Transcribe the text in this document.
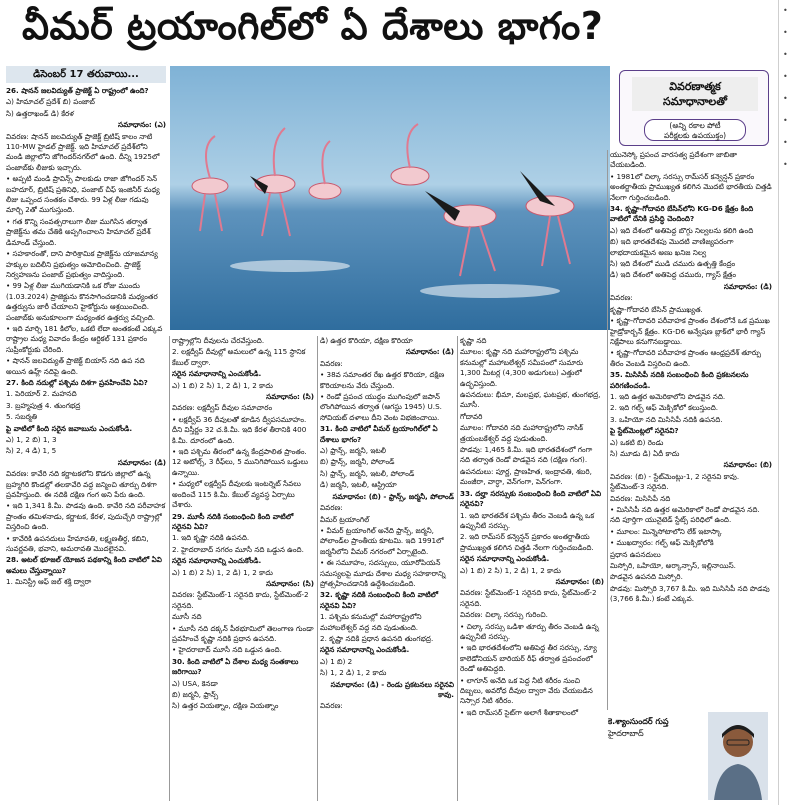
వీమర్ ట్రయాంగిల్‌లో ఏ దేశాలు భాగం?
డిసెంబర్ 17 తరువాయి...
వివరణాత్మక
సమాధానాలతో
(అన్ని రకాల పోటీ
పరీక్షలకు ఉపయుక్తం)

26. షానన్ జలవిద్యుత్ ప్రాజెక్ట్ ఏ రాష్ట్రంలో ఉంది?

ఎ) హిమాచల్ ప్రదేశ్ బి) పంజాబ్

సి) ఉత్తరాఖండ్ డి) కేరళ

సమాధానం: (ఎ)

వివరణ: షానన్ జలవిద్యుత్ ప్రాజెక్ట్ బ్రిటిష్ కాలం నాటి 110-MW హైడల్ ప్రాజెక్ట్. ఇది హిమాచల్ ప్రదేశ్‌లోని మండి జిల్లాలోని జోగిందర్‌నగర్‌లో ఉంది. దీన్ని 1925లో పంజాబ్‌కు లీజుకు ఇచ్చారు.

• అప్పటి మండి ప్రావిన్స్ పాలకుడు రాజా జోగిందర్ సెన్ బహదూర్, బ్రిటిష్ ప్రతినిధి, పంజాబ్ చీఫ్ ఇంజినీర్ మధ్య లీజు ఒప్పంద సంతకం చేశారు. 99 ఏళ్ల లీజు గడువు మార్చి 2తో ముగుస్తుంది.

• గత కొన్ని సంవత్సరాలుగా లీజు ముగిసిన తర్వాత ప్రాజెక్ట్‌ను తమ చేతికి అప్పగించాలని హిమాచల్ ప్రదేశ్ డిమాండ్ చేస్తుంది.

• సహకారంతో, దాని పారిశ్రామిక ప్రాజెక్ట్‌ను యాజమాన్య హక్కుల బదిలీని ప్రభుత్వం ఆమోదించింది. ప్రాజెక్ట్ నిర్వహణను పంజాబ్ ప్రభుత్వం వాదిస్తుంది.

• 99 ఏళ్ల లీజు ముగియడానికి ఒక రోజు ముందు (1.03.2024) ప్రాజెక్టును కొనసాగించడానికి మధ్యంతర ఉత్తర్వును జారీ చేయాలని హైకోర్టును ఆశ్రయించింది. పంజాబ్‌కు అనుకూలంగా మధ్యంతర ఉత్తర్వు వచ్చింది.

• ఇది మార్చి 181 కిలోల, ఒకటి లేదా అంతకంటే ఎక్కువ రాష్ట్రాల మధ్య వివాదం కేంద్రం ఆర్టికల్ 131 ప్రకారం సుప్రీంకోర్టుకు చేరింది.

• షానన్ జలవిద్యుత్ ప్రాజెక్ట్ బియాస్ నది ఉప నది అయిన ఉహ్ల్ నదిపై ఉంది.

27. కింది నదుల్లో పశ్చిమ దిశగా ప్రవహించేవి ఏవి?

1. పెరియార్ 2. మహనది

3. బ్రహ్మపుత్ర 4. తుంగభద్ర

5. సబర్మతి

పై వాటిలో కింది సరైన జవాబును ఎంచుకోండి.

ఎ) 1, 2 బి) 1, 3

సి) 2, 4 డి) 1, 5

సమాధానం: (డి)

వివరణ: కావేరి నది కర్ణాటకలోని కొడగు జిల్లాలో ఉన్న బ్రహ్మగిరి కొండల్లో తలకావేరి వద్ద జన్మించి తూర్పు దిశగా ప్రవహిస్తుంది. ఈ నదికి దక్షిణ గంగ అని పేరు ఉంది.

• ఇది 1,341 కి.మీ. పొడవు ఉంది. కావేరి నది పరీవాహక ప్రాంతం తమిళనాడు, కర్ణాటక, కేరళ, పుదుచ్చేరి రాష్ట్రాల్లో విస్తరించి ఉంది.

• కావేరికి ఉపనదులు హేమావతి, లక్ష్మణతీర్థ, కబిని, సువర్ణవతి, భవాని, అమరావతి మొదలైనవి.

28. అటల్ భూజల్ యోజన పథకాన్ని కింది వాటిలో ఏవి అమలు చేస్తున్నాయి?

1. మినిస్ట్రీ ఆఫ్ జల్ శక్తి ద్వారా

రాష్ట్రాల్లోని దీవులను చేరవేస్తుంది.

2. లక్షద్వీప్ దీవుల్లో అమలులో ఉన్న 115 స్థానిక కేబుల్ ద్వారా.

సరైన సమాధానాన్ని ఎంచుకోండి.

ఎ) 1 బి) 2 సి) 1, 2 డి) 1, 2 కాదు

సమాధానం: (సి)

వివరణ: లక్షద్వీప్ దీవుల సమాచారం

• లక్షద్వీప్ 36 దీవులతో కూడిన ద్వీపసమూహం. దీని విస్తీర్ణం 32 చ.కి.మీ. ఇది కేరళ తీరానికి 400 కి.మీ. దూరంలో ఉంది.

• ఇది పశ్చిమ తీరంలో ఉన్న కేంద్రపాలిత ప్రాంతం. 12 అటోల్స్, 3 రీఫ్‌లు, 5 మునిగిపోయిన ఒడ్డులు ఉన్నాయి.

• మధ్యలో లక్షద్వీప్ దీవులకు ఇంటర్నెట్ సేవలు అందించే 115 కి.మీ. కేబుల్ వ్యవస్థ ఏర్పాటు చేశారు.

29. మూసీ నదికి సంబంధించి కింది వాటిలో సరైనవి ఏవి?

1. ఇది కృష్ణా నదికి ఉపనది.

2. హైదరాబాద్ నగరం మూసీ నది ఒడ్డున ఉంది.

సరైన సమాధానాన్ని ఎంచుకోండి.

ఎ) 1 బి) 2 సి) 1, 2 డి) 1, 2 కాదు

సమాధానం: (సి)

వివరణ: స్టేట్‌మెంట్-1 సరైనది కాదు, స్టేట్‌మెంట్-2 సరైనది.

మూసీ నది

• మూసీ నది దక్కన్ పీఠభూమిలో తెలంగాణ గుండా ప్రవహించే కృష్ణా నదికి ప్రధాన ఉపనది.

• హైదరాబాద్ మూసీ నది ఒడ్డున ఉంది.

30. కింది వాటిలో ఏ దేశాల మధ్య సంతకాలు జరిగాయి?

ఎ) USA, కెనడా

బి) జర్మనీ, ఫ్రాన్స్

సి) ఉత్తర వియత్నాం, దక్షిణ వియత్నాం

డి) ఉత్తర కొరియా, దక్షిణ కొరియా

సమాధానం: (డి)

వివరణ:

• 38వ సమాంతర రేఖ ఉత్తర కొరియా, దక్షిణ కొరియాలను వేరు చేస్తుంది.

• రెండో ప్రపంచ యుద్ధం ముగింపులో జపాన్ లొంగిపోయిన తర్వాత (ఆగస్టు 1945) U.S. సోవియట్ దళాలు దీని వెంట విభజించాయి.

31. కింది వాటిలో వీమర్ ట్రయాంగిల్‌లో ఏ దేశాలు భాగం?

ఎ) ఫ్రాన్స్, జర్మనీ, ఇటలీ

బి) ఫ్రాన్స్, జర్మనీ, పోలాండ్

సి) ఫ్రాన్స్, జర్మనీ, ఇటలీ, పోలాండ్

డి) జర్మనీ, ఇటలీ, ఆస్ట్రియా

సమాధానం: (బి) - ఫ్రాన్స్, జర్మనీ, పోలాండ్

వివరణ:

వీమర్ ట్రయాంగిల్

• వీమర్ ట్రయాంగిల్ అనేది ఫ్రాన్స్, జర్మనీ, పోలాండ్‌ల ప్రాంతీయ కూటమి. ఇది 1991లో జర్మనీలోని వీమర్ నగరంలో ఏర్పాటైంది.

• ఈ సమూహం, సదస్సులు, యూరోపియన్ సమస్యలపై మూడు దేశాల మధ్య సహకారాన్ని ప్రోత్సహించడానికి ఉద్దేశించబడింది.

32. కృష్ణా నదికి సంబంధించి కింది వాటిలో సరైనవి ఏవి?

1. పశ్చిమ కనుమల్లో మహారాష్ట్రలోని మహాబలేశ్వర్ వద్ద నది పుడుతుంది.

2. కృష్ణా నదికి ప్రధాన ఉపనది తుంగభద్ర.

సరైన సమాధానాన్ని ఎంచుకోండి.

ఎ) 1 బి) 2

సి) 1, 2 డి) 1, 2 కాదు

సమాధానం: (డి) - రెండు ప్రకటనలు సరైనవి కావు.

వివరణ:

కృష్ణా నది

మూలం: కృష్ణా నది మహారాష్ట్రలోని పశ్చిమ కనుమల్లో మహాబలేశ్వర్ సమీపంలో సుమారు 1,300 మీటర్ల (4,300 అడుగులు) ఎత్తులో ఉద్భవిస్తుంది.

ఉపనదులు: భీమా, మలప్రభ, ఘటప్రభ, తుంగభద్ర, మూసీ.

గోదావరి

మూలం: గోదావరి నది మహారాష్ట్రలోని నాసిక్ త్రయంబకేశ్వర్ వద్ద పుడుతుంది.

పొడవు: 1,465 కి.మీ. ఇది భారతదేశంలో గంగా నది తర్వాత రెండో పొడవైన నది (దక్షిణ గంగ).

ఉపనదులు: పూర్ణ, ప్రాణహిత, ఇంద్రావతి, శబరి, మంజీరా, వార్ధా, వెన్‌గంగా, పెన్‌గంగా.

33. దల్హా సరస్సుకు సంబంధించి కింది వాటిలో ఏవి సరైనవి?

1. ఇది భారతదేశ పశ్చిమ తీరం వెంబడి ఉన్న ఒక ఉప్పునీటి సరస్సు.

2. ఇది రామ్‌సర్ కన్వెన్షన్ ప్రకారం అంతర్జాతీయ ప్రాముఖ్యత కలిగిన చిత్తడి నేలగా గుర్తించబడింది.

సరైన సమాధానాన్ని ఎంచుకోండి.

ఎ) 1 బి) 2 సి) 1, 2 డి) 1, 2 కాదు

సమాధానం: (బి)

వివరణ: స్టేట్‌మెంట్-1 సరైనది కాదు, స్టేట్‌మెంట్-2 సరైనది.

వివరణ: చిల్కా సరస్సు గురించి.

• చిల్కా సరస్సు ఒడిశా తూర్పు తీరం వెంబడి ఉన్న ఉప్పునీటి సరస్సు.

• ఇది భారతదేశంలోని అతిపెద్ద తీర సరస్సు, న్యూ కాలెడోనియన్ బారియర్ రీఫ్ తర్వాత ప్రపంచంలో రెండో అతిపెద్దది.

• లాగూన్ అనేది ఒక పెద్ద నీటి శరీరం నుంచి దిబ్బలు, అవరోధ దీవుల ద్వారా వేరు చేయబడిన నిస్సార నీటి శరీరం.

• ఇది రామ్‌సర్ సైట్‌గా అలాగే శీతాకాలంలో

యునెస్కో ప్రపంచ వారసత్వ ప్రదేశంగా జాబితా చేయబడింది.

• 1981లో చిల్కా సరస్సు రామ్‌సర్ కన్వెన్షన్ ప్రకారం అంతర్జాతీయ ప్రాముఖ్యత కలిగిన మొదటి భారతీయ చిత్తడి నేలగా గుర్తించబడింది.

34. కృష్ణా-గోదావరి బేసిన్‌లోని KG-D6 క్షేత్రం కింది వాటిలో దేనికి ప్రసిద్ధి చెందింది?

ఎ) ఇది దేశంలో అతిపెద్ద బొగ్గు నిల్వలను కలిగి ఉంది

బి) ఇది భారతదేశపు మొదటి వాణిజ్యపరంగా లాభదాయకమైన అణు ఖనిజ నిల్వ

సి) ఇది దేశంలో ముడి చమురు ఉత్పత్తి కేంద్రం

డి) ఇది దేశంలో అతిపెద్ద చమురు, గ్యాస్ క్షేత్రం

సమాధానం: (డి)

వివరణ:

కృష్ణా-గోదావరి బేసిన్ ప్రాముఖ్యత.

• కృష్ణా-గోదావరి పరీవాహక ప్రాంతం దేశంలోనే ఒక ప్రముఖ హైడ్రోకార్బన్ క్షేత్రం. KG-D6 అన్వేషణ బ్లాక్‌లో భారీ గ్యాస్ నిక్షేపాలు కనుగొనబడ్డాయి.

• కృష్ణా-గోదావరి పరీవాహక ప్రాంతం ఆంధ్రప్రదేశ్ తూర్పు తీరం వెంబడి విస్తరించి ఉంది.

35. మిసిసిపీ నదికి సంబంధించి కింది ప్రకటనలను పరిగణించండి.

1. ఇది ఉత్తర అమెరికాలోని పొడవైన నది.

2. ఇది గల్ఫ్ ఆఫ్ మెక్సికోలో కలుస్తుంది.

3. ఒహియో నది మిసిసిపీ నదికి ఉపనది.

పై స్టేట్‌మెంట్లలో సరైనవి?

ఎ) ఒకటి బి) రెండు

సి) మూడు డి) ఏదీ కాదు

సమాధానం: (బి)

వివరణ: (బి) - స్టేట్‌మెంట్లు-1, 2 సరైనవి కావు. స్టేట్‌మెంట్-3 సరైనది.

వివరణ: మిసిసిపీ నది

• మిసిసిపీ నది ఉత్తర అమెరికాలో రెండో పొడవైన నది. నది పూర్తిగా యునైటెడ్ స్టేట్స్ పరిధిలో ఉంది.

• మూలం: మిన్నెసోటాలోని లేక్ ఇటాస్కా

• ముఖద్వారం: గల్ఫ్ ఆఫ్ మెక్సికోలోకి

ప్రధాన ఉపనదులు

మిస్సోరి, ఒహియో, అర్కాన్సాస్, ఇల్లినాయిస్.

పొడవైన ఉపనది మిస్సోరి.

పొడవు: మిస్సోరి 3,767 కి.మీ. ఇది మిసిసిపీ నది పొడవు (3,766 కి.మీ.) కంటే ఎక్కువ.

కె.శ్యాంసుందర్ గుప్త
హైదరాబాద్
•
•
•
•
•
•
•
•
